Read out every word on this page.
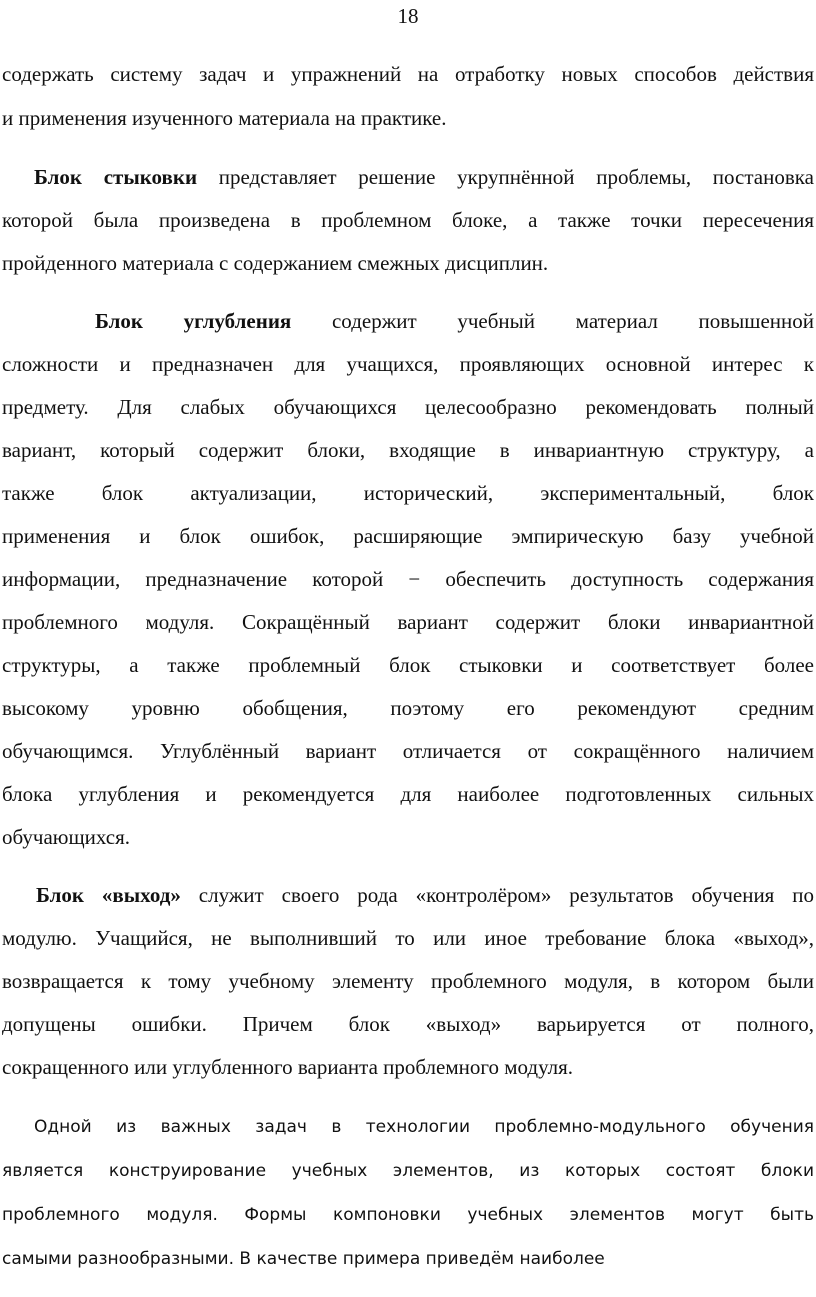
18
содержать систему задач и упражнений на отработку новых способов действия
и применения изученного материала на практике.
Блок стыковки представляет решение укрупнённой проблемы, постановка
которой была произведена в проблемном блоке, а также точки пересечения
пройденного материала с содержанием смежных дисциплин.
Блок углубления содержит учебный материал повышенной
сложности и предназначен для учащихся, проявляющих основной интерес к
предмету. Для слабых обучающихся целесообразно рекомендовать полный
вариант, который содержит блоки, входящие в инвариантную структуру, а
также блок актуализации, исторический, экспериментальный, блок
применения и блок ошибок, расширяющие эмпирическую базу учебной
информации, предназначение которой − обеспечить доступность содержания
проблемного модуля. Сокращённый вариант содержит блоки инвариантной
структуры, а также проблемный блок стыковки и соответствует более
высокому уровню обобщения, поэтому его рекомендуют средним
обучающимся. Углублённый вариант отличается от сокращённого наличием
блока углубления и рекомендуется для наиболее подготовленных сильных
обучающихся.
Блок «выход» служит своего рода «контролёром» результатов обучения по
модулю. Учащийся, не выполнивший то или иное требование блока «выход»,
возвращается к тому учебному элементу проблемного модуля, в котором были
допущены ошибки. Причем блок «выход» варьируется от полного,
сокращенного или углубленного варианта проблемного модуля.
Одной из важных задач в технологии проблемно-модульного обучения
является конструирование учебных элементов, из которых состоят блоки
проблемного модуля. Формы компоновки учебных элементов могут быть
самыми разнообразными. В качестве примера приведём наиболее
